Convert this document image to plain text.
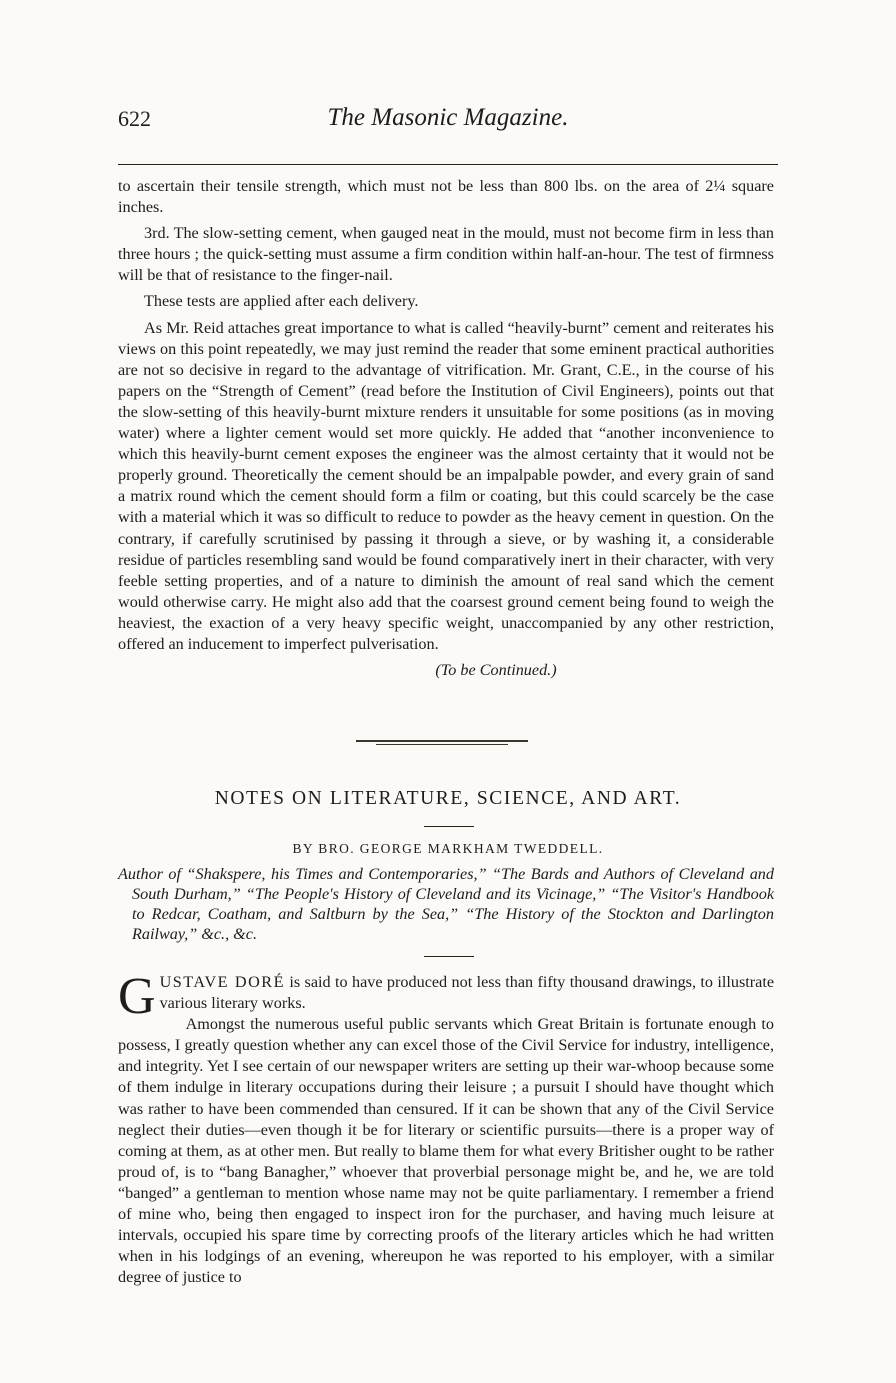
622	The Masonic Magazine.

to ascertain their tensile strength, which must not be less than 800 lbs. on the area of 2¼ square inches.

3rd. The slow-setting cement, when gauged neat in the mould, must not become firm in less than three hours ; the quick-setting must assume a firm condition within half-an-hour. The test of firmness will be that of resistance to the finger-nail.

These tests are applied after each delivery.

As Mr. Reid attaches great importance to what is called “heavily-burnt” cement and reiterates his views on this point repeatedly, we may just remind the reader that some eminent practical authorities are not so decisive in regard to the advantage of vitrification. Mr. Grant, C.E., in the course of his papers on the “Strength of Cement” (read before the Institution of Civil Engineers), points out that the slow-setting of this heavily-burnt mixture renders it unsuitable for some positions (as in moving water) where a lighter cement would set more quickly. He added that “another inconvenience to which this heavily-burnt cement exposes the engineer was the almost certainty that it would not be properly ground. Theoretically the cement should be an impalpable powder, and every grain of sand a matrix round which the cement should form a film or coating, but this could scarcely be the case with a material which it was so difficult to reduce to powder as the heavy cement in question. On the contrary, if carefully scrutinised by passing it through a sieve, or by washing it, a considerable residue of particles resembling sand would be found comparatively inert in their character, with very feeble setting properties, and of a nature to diminish the amount of real sand which the cement would otherwise carry. He might also add that the coarsest ground cement being found to weigh the heaviest, the exaction of a very heavy specific weight, unaccompanied by any other restriction, offered an inducement to imperfect pulverisation.

(To be Continued.)

NOTES ON LITERATURE, SCIENCE, AND ART.
BY BRO. GEORGE MARKHAM TWEDDELL.

Author of “Shakspere, his Times and Contemporaries,” “The Bards and Authors of Cleveland and South Durham,” “The People's History of Cleveland and its Vicinage,” “The Visitor's Handbook to Redcar, Coatham, and Saltburn by the Sea,” “The History of the Stockton and Darlington Railway,” &c., &c.

GUSTAVE DORÉ is said to have produced not less than fifty thousand drawings, to illustrate various literary works.

Amongst the numerous useful public servants which Great Britain is fortunate enough to possess, I greatly question whether any can excel those of the Civil Service for industry, intelligence, and integrity. Yet I see certain of our newspaper writers are setting up their war-whoop because some of them indulge in literary occupations during their leisure ; a pursuit I should have thought which was rather to have been commended than censured. If it can be shown that any of the Civil Service neglect their duties—even though it be for literary or scientific pursuits—there is a proper way of coming at them, as at other men. But really to blame them for what every Britisher ought to be rather proud of, is to “bang Banagher,” whoever that proverbial personage might be, and he, we are told “banged” a gentleman to mention whose name may not be quite parliamentary. I remember a friend of mine who, being then engaged to inspect iron for the purchaser, and having much leisure at intervals, occupied his spare time by correcting proofs of the literary articles which he had written when in his lodgings of an evening, whereupon he was reported to his employer, with a similar degree of justice to
